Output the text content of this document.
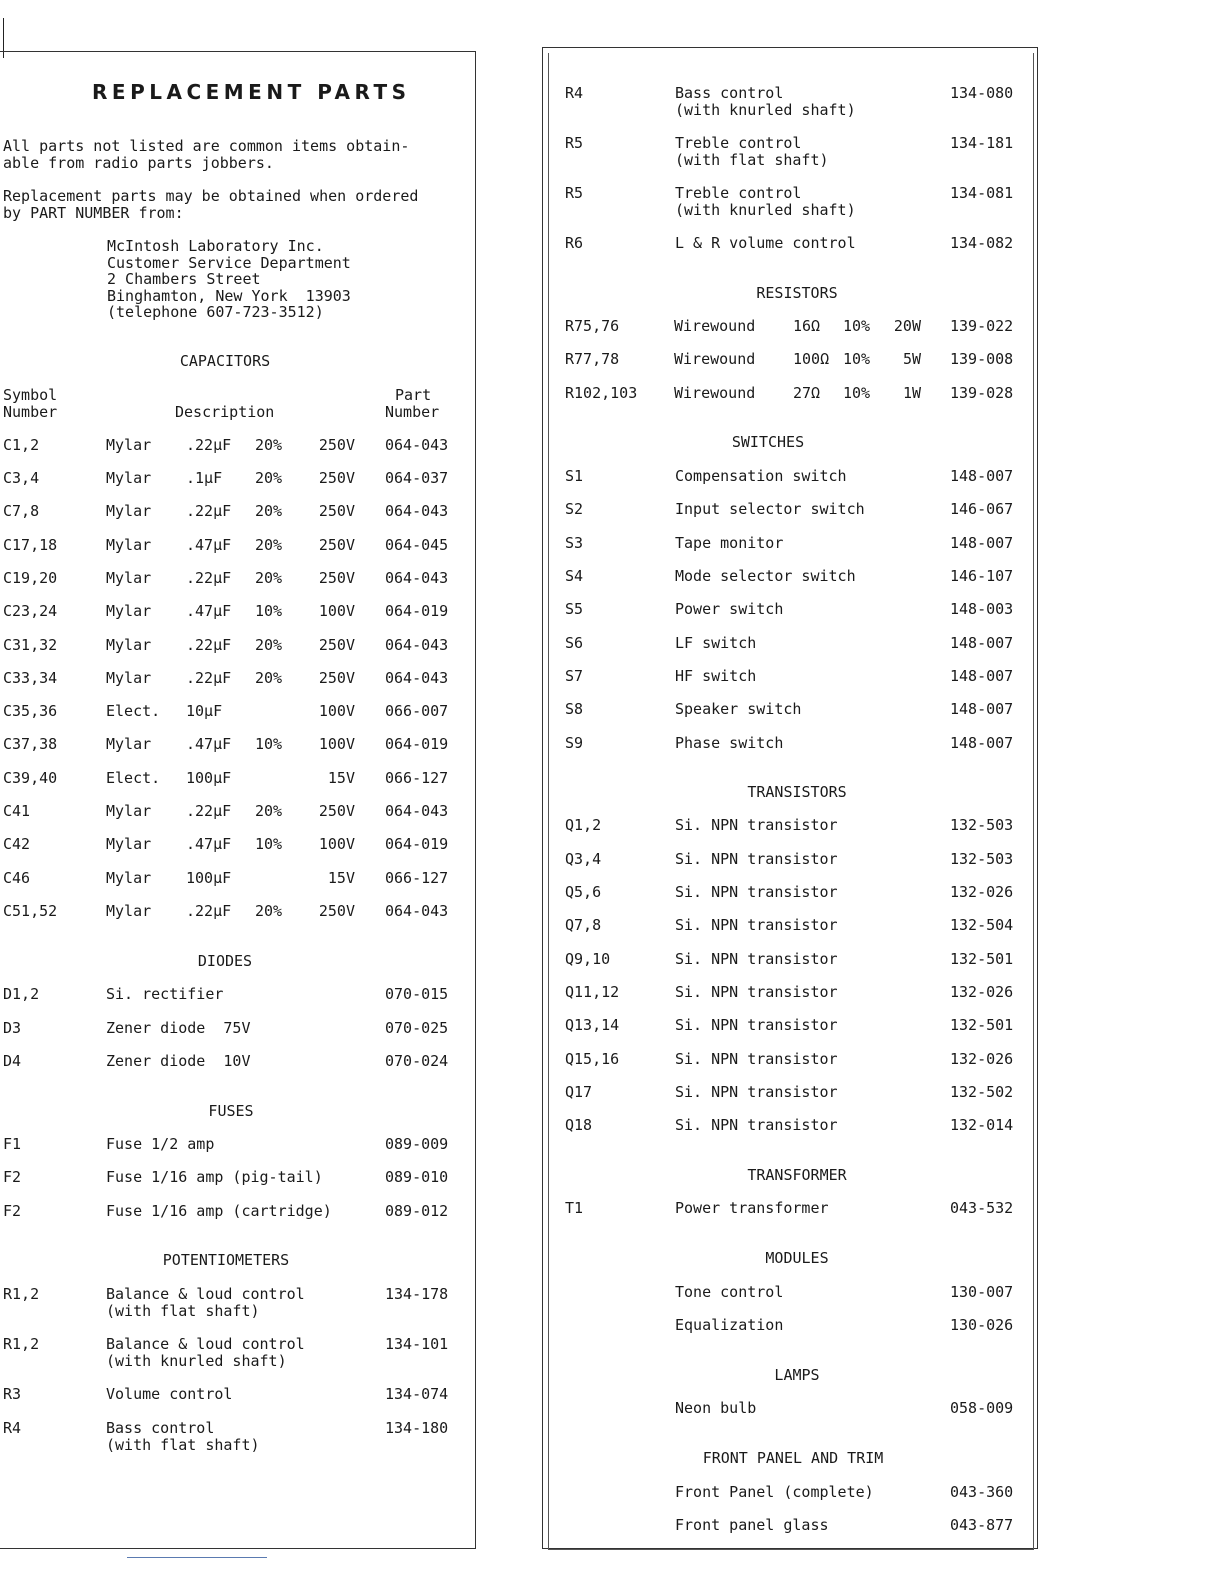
REPLACEMENT PARTS
All parts not listed are common items obtain-
able from radio parts jobbers.
Replacement parts may be obtained when ordered
by PART NUMBER from:
McIntosh Laboratory Inc.
Customer Service Department
2 Chambers Street
Binghamton, New York  13903
(telephone 607-723-3512)
CAPACITORS
Symbol
Number	Description
Part
Number
C1,2	Mylar .22µF 20% 250V 064-043
C3,4	Mylar .1µF 20% 250V 064-037
C7,8	Mylar .22µF 20% 250V 064-043
C17,18	Mylar .47µF 20% 250V 064-045
C19,20	Mylar .22µF 20% 250V 064-043
C23,24	Mylar .47µF 10% 100V 064-019
C31,32	Mylar .22µF 20% 250V 064-043
C33,34	Mylar .22µF 20% 250V 064-043
C35,36	Elect. 10µF	100V 066-007
C37,38	Mylar .47µF 10% 100V 064-019
C39,40	Elect. 100µF	15V 066-127
C41	Mylar .22µF 20% 250V 064-043
C42	Mylar .47µF 10% 100V 064-019
C46	Mylar 100µF	15V 066-127
C51,52	Mylar .22µF 20% 250V 064-043
DIODES
D1,2	Si. rectifier	070-015
D3	Zener diode  75V	070-025
D4	Zener diode  10V	070-024
FUSES
F1	Fuse 1/2 amp	089-009
F2	Fuse 1/16 amp (pig-tail)	089-010
F2	Fuse 1/16 amp (cartridge)	089-012
POTENTIOMETERS
R1,2	Balance & loud control
(with flat shaft)
134-178
R1,2	Balance & loud control
(with knurled shaft)
134-101
R3	Volume control	134-074
R4	Bass control
(with flat shaft)
134-180
R4	Bass control
(with knurled shaft)
134-080
R5	Treble control
(with flat shaft)
134-181
R5	Treble control
(with knurled shaft)
134-081
R6	L & R volume control	134-082
RESISTORS
R75,76	Wirewound	16Ω 10% 20W 139-022
R77,78	Wirewound	100Ω 10% 5W 139-008
R102,103 Wirewound	27Ω 10% 1W 139-028
SWITCHES
S1	Compensation switch	148-007
S2	Input selector switch	146-067
S3	Tape monitor	148-007
S4	Mode selector switch	146-107
S5	Power switch	148-003
S6	LF switch	148-007
S7	HF switch	148-007
S8	Speaker switch	148-007
S9	Phase switch	148-007
TRANSISTORS
Q1,2	Si. NPN transistor	132-503
Q3,4	Si. NPN transistor	132-503
Q5,6	Si. NPN transistor	132-026
Q7,8	Si. NPN transistor	132-504
Q9,10	Si. NPN transistor	132-501
Q11,12	Si. NPN transistor	132-026
Q13,14	Si. NPN transistor	132-501
Q15,16	Si. NPN transistor	132-026
Q17	Si. NPN transistor	132-502
Q18	Si. NPN transistor	132-014
TRANSFORMER
T1	Power transformer	043-532
MODULES
Tone control	130-007
Equalization	130-026
LAMPS
Neon bulb	058-009
FRONT PANEL AND TRIM
Front Panel (complete)	043-360
Front panel glass	043-877
